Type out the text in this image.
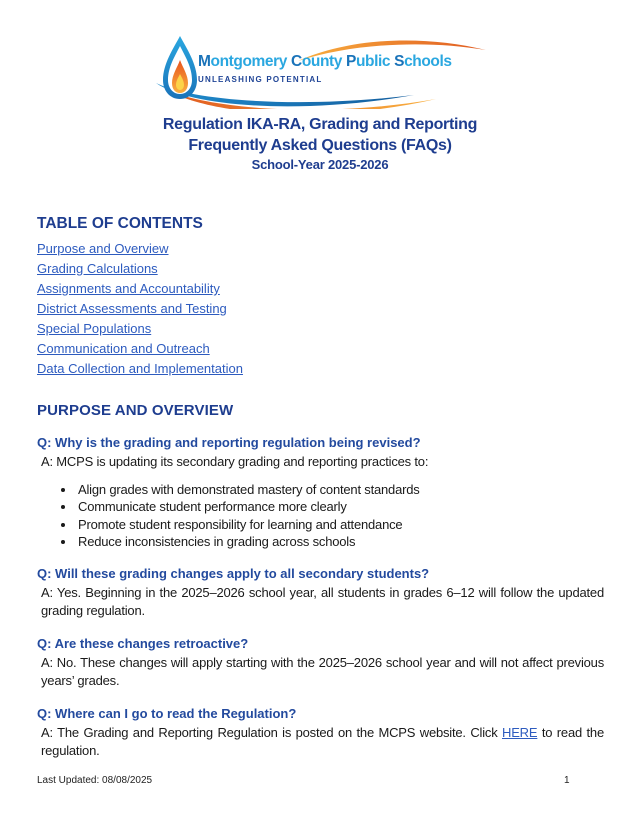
Montgomery County Public Schools
UNLEASHING POTENTIAL
Regulation IKA-RA, Grading and Reporting
Frequently Asked Questions (FAQs)
School-Year 2025-2026
TABLE OF CONTENTS
Purpose and Overview
Grading Calculations
Assignments and Accountability
District Assessments and Testing
Special Populations
Communication and Outreach
Data Collection and Implementation
PURPOSE AND OVERVIEW

Q: Why is the grading and reporting regulation being revised?

A: MCPS is updating its secondary grading and reporting practices to:

• Align grades with demonstrated mastery of content standards
• Communicate student performance more clearly
• Promote student responsibility for learning and attendance
• Reduce inconsistencies in grading across schools

Q: Will these grading changes apply to all secondary students?

A: Yes. Beginning in the 2025–2026 school year, all students in grades 6–12 will follow the updated grading regulation.

Q: Are these changes retroactive?

A: No. These changes will apply starting with the 2025–2026 school year and will not affect previous years’ grades.

Q: Where can I go to read the Regulation?

A: The Grading and Reporting Regulation is posted on the MCPS website. Click HERE to read the regulation.

Last Updated: 08/08/2025	1
